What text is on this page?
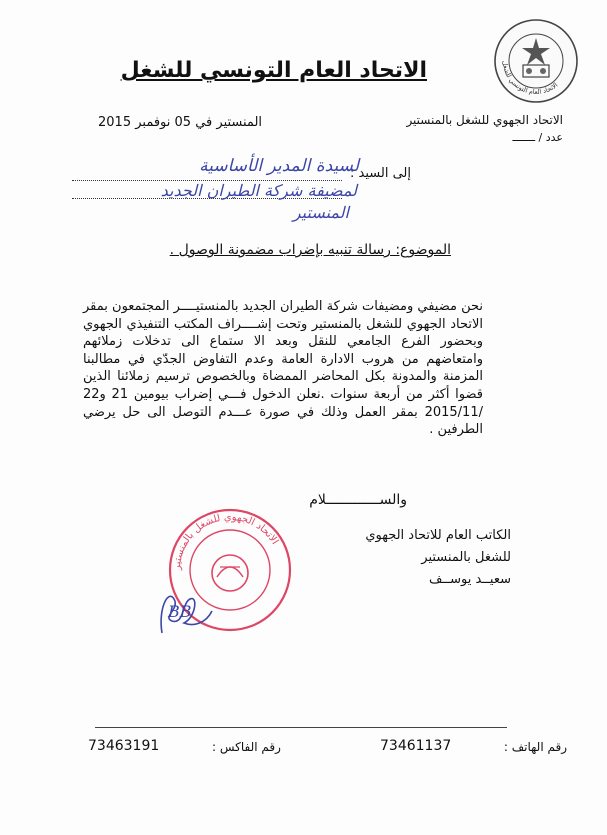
الاتحاد العام التونسي للشغل
الاتحاد العام التونسي للشغل
الاتحاد الجهوي للشغل بالمنستير
عدد / ـــــــ
المنستير في 05 نوفمبر 2015
إلى السيد :
لسيدة المدير الأساسية
لمضيفة شركة الطيران الجديد
المنستير
الموضوع: رسالة تنبيه بإضراب مضمونة الوصول .

نحن مضيفي ومضيفات شركة الطيران الجديد بالمنستيــــر المجتمعون بمقر الاتحاد الجهوي للشغل بالمنستير وتحت إشــــراف المكتب التنفيذي الجهوي وبحضور الفرع الجامعي للنقل وبعد الا ستماع الى تدخلات زملائهم وامتعاضهم من هروب الادارة العامة وعدم التفاوض الجدّي في مطالبنا المزمنة والمدونة بكل المحاضر الممضاة وبالخصوص ترسيم زملائنا الذين قضوا أكثر من أربعة سنوات .نعلن الدخول فـــي إضراب بيومين 21 و22 /2015/11 بمقر العمل وذلك في صورة عـــدم التوصل الى حل يرضي الطرفين .

والســـــــــــــلام
الكاتب العام للاتحاد الجهوي
للشغل بالمنستير
سعيــد يوســف
الاتحاد الجهوي للشغل بالمنستير
BB
رقم الهاتف :
73461137
رقم الفاكس :
73463191
